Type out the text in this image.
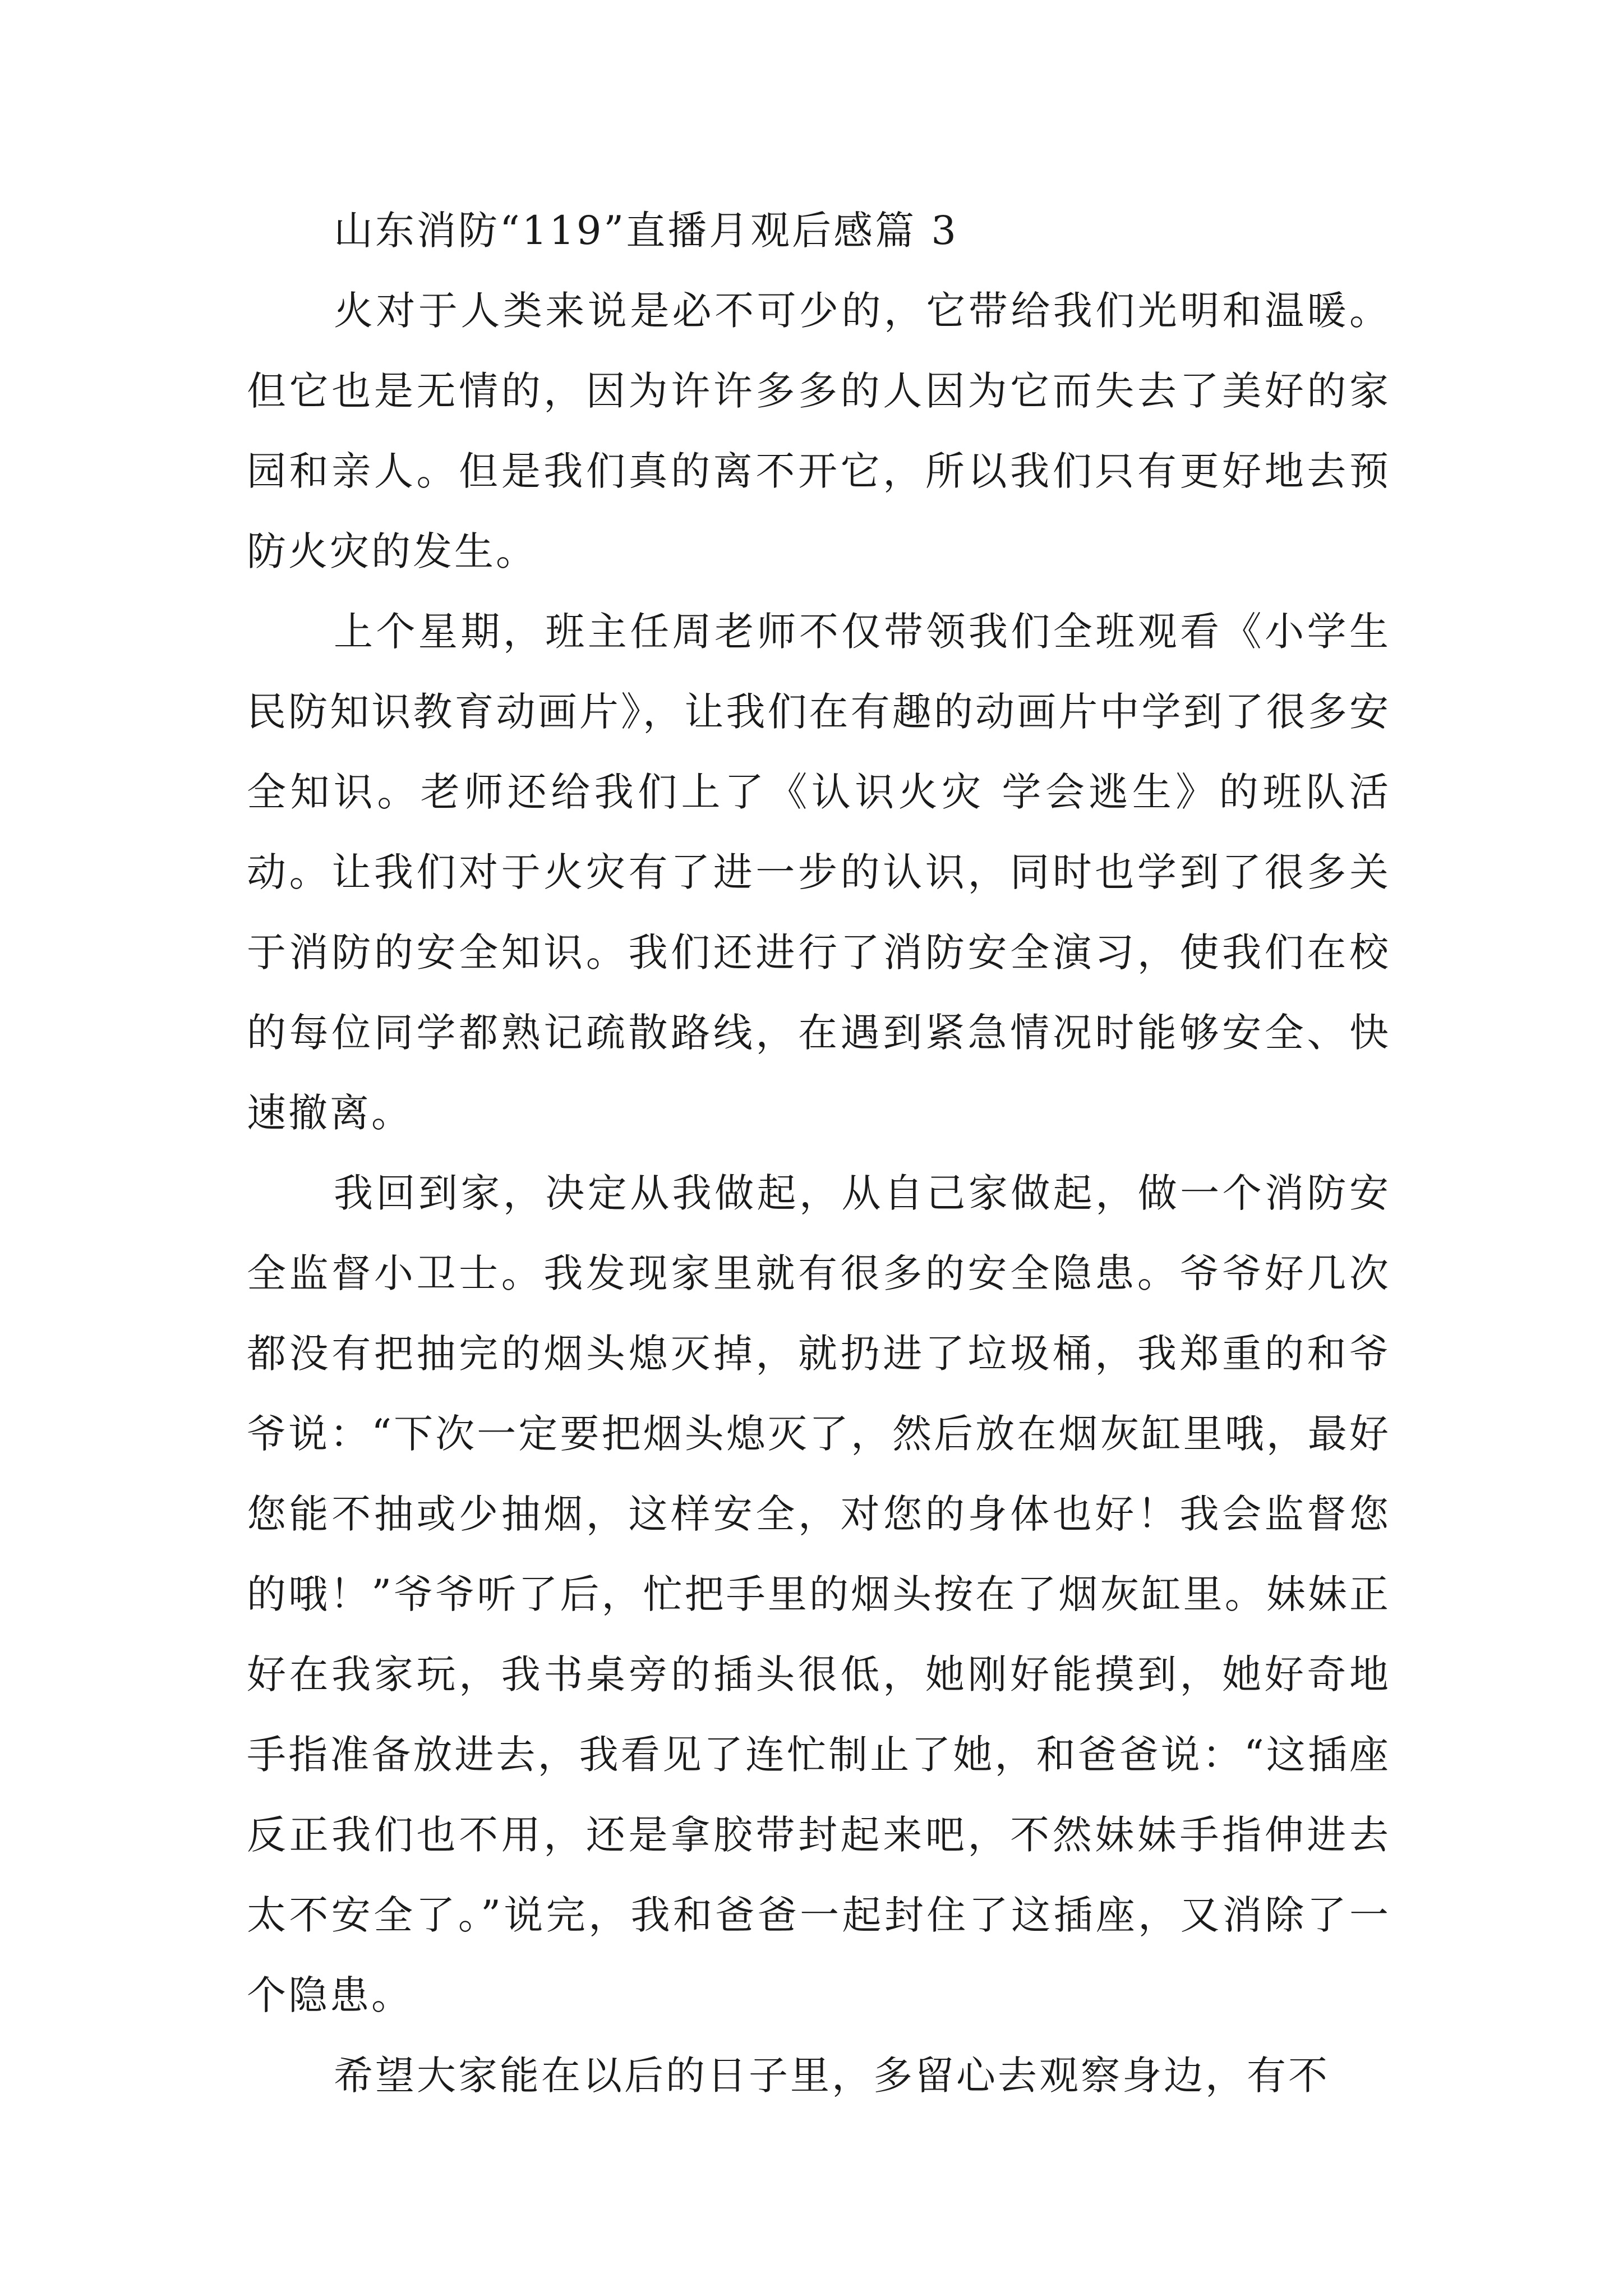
山东消防“119”直播月观后感篇 3

火对于人类来说是必不可少的，它带给我们光明和温暖。但它也是无情的，因为许许多多的人因为它而失去了美好的家园和亲人。但是我们真的离不开它，所以我们只有更好地去预防火灾的发生。

上个星期，班主任周老师不仅带领我们全班观看《小学生民防知识教育动画片》，让我们在有趣的动画片中学到了很多安全知识。老师还给我们上了《认识火灾 学会逃生》的班队活动。让我们对于火灾有了进一步的认识，同时也学到了很多关于消防的安全知识。我们还进行了消防安全演习，使我们在校的每位同学都熟记疏散路线，在遇到紧急情况时能够安全、快速撤离。

我回到家，决定从我做起，从自己家做起，做一个消防安全监督小卫士。我发现家里就有很多的安全隐患。爷爷好几次都没有把抽完的烟头熄灭掉，就扔进了垃圾桶，我郑重的和爷爷说：“下次一定要把烟头熄灭了，然后放在烟灰缸里哦，最好您能不抽或少抽烟，这样安全，对您的身体也好！我会监督您的哦！”爷爷听了后，忙把手里的烟头按在了烟灰缸里。妹妹正好在我家玩，我书桌旁的插头很低，她刚好能摸到，她好奇地手指准备放进去，我看见了连忙制止了她，和爸爸说：“这插座反正我们也不用，还是拿胶带封起来吧，不然妹妹手指伸进去太不安全了。”说完，我和爸爸一起封住了这插座，又消除了一个隐患。

希望大家能在以后的日子里，多留心去观察身边，有不
